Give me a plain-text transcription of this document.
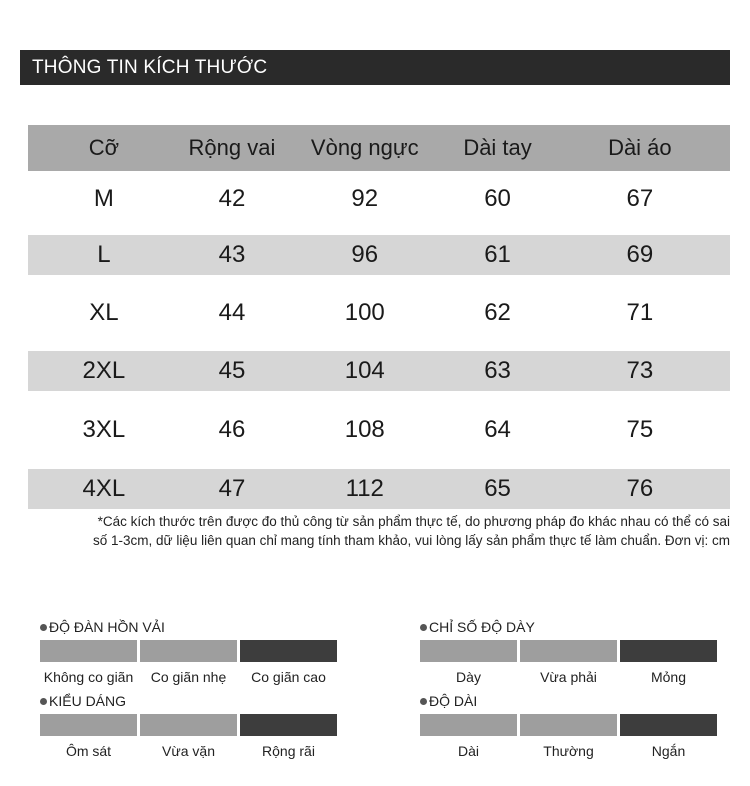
THÔNG TIN KÍCH THƯỚC
Cỡ	Rộng vai	Vòng ngực	Dài tay	Dài áo
M	42	92	60	67
L	43	96	61	69
XL	44	100	62	71
2XL	45	104	63	73
3XL	46	108	64	75
4XL	47	112	65	76
*Các kích thước trên được đo thủ công từ sản phẩm thực tế, do phương pháp đo khác nhau có thể có sai
số 1-3cm, dữ liệu liên quan chỉ mang tính tham khảo, vui lòng lấy sản phẩm thực tế làm chuẩn. Đơn vị: cm
ĐỘ ĐÀN HỒN VẢI
Không co giãn	Co giãn nhẹ	Co giãn cao
KIỂU DÁNG
Ôm sát	Vừa vặn	Rộng rãi
CHỈ SỐ ĐỘ DÀY
Dày	Vừa phải	Mỏng
ĐỘ DÀI
Dài	Thường	Ngắn
